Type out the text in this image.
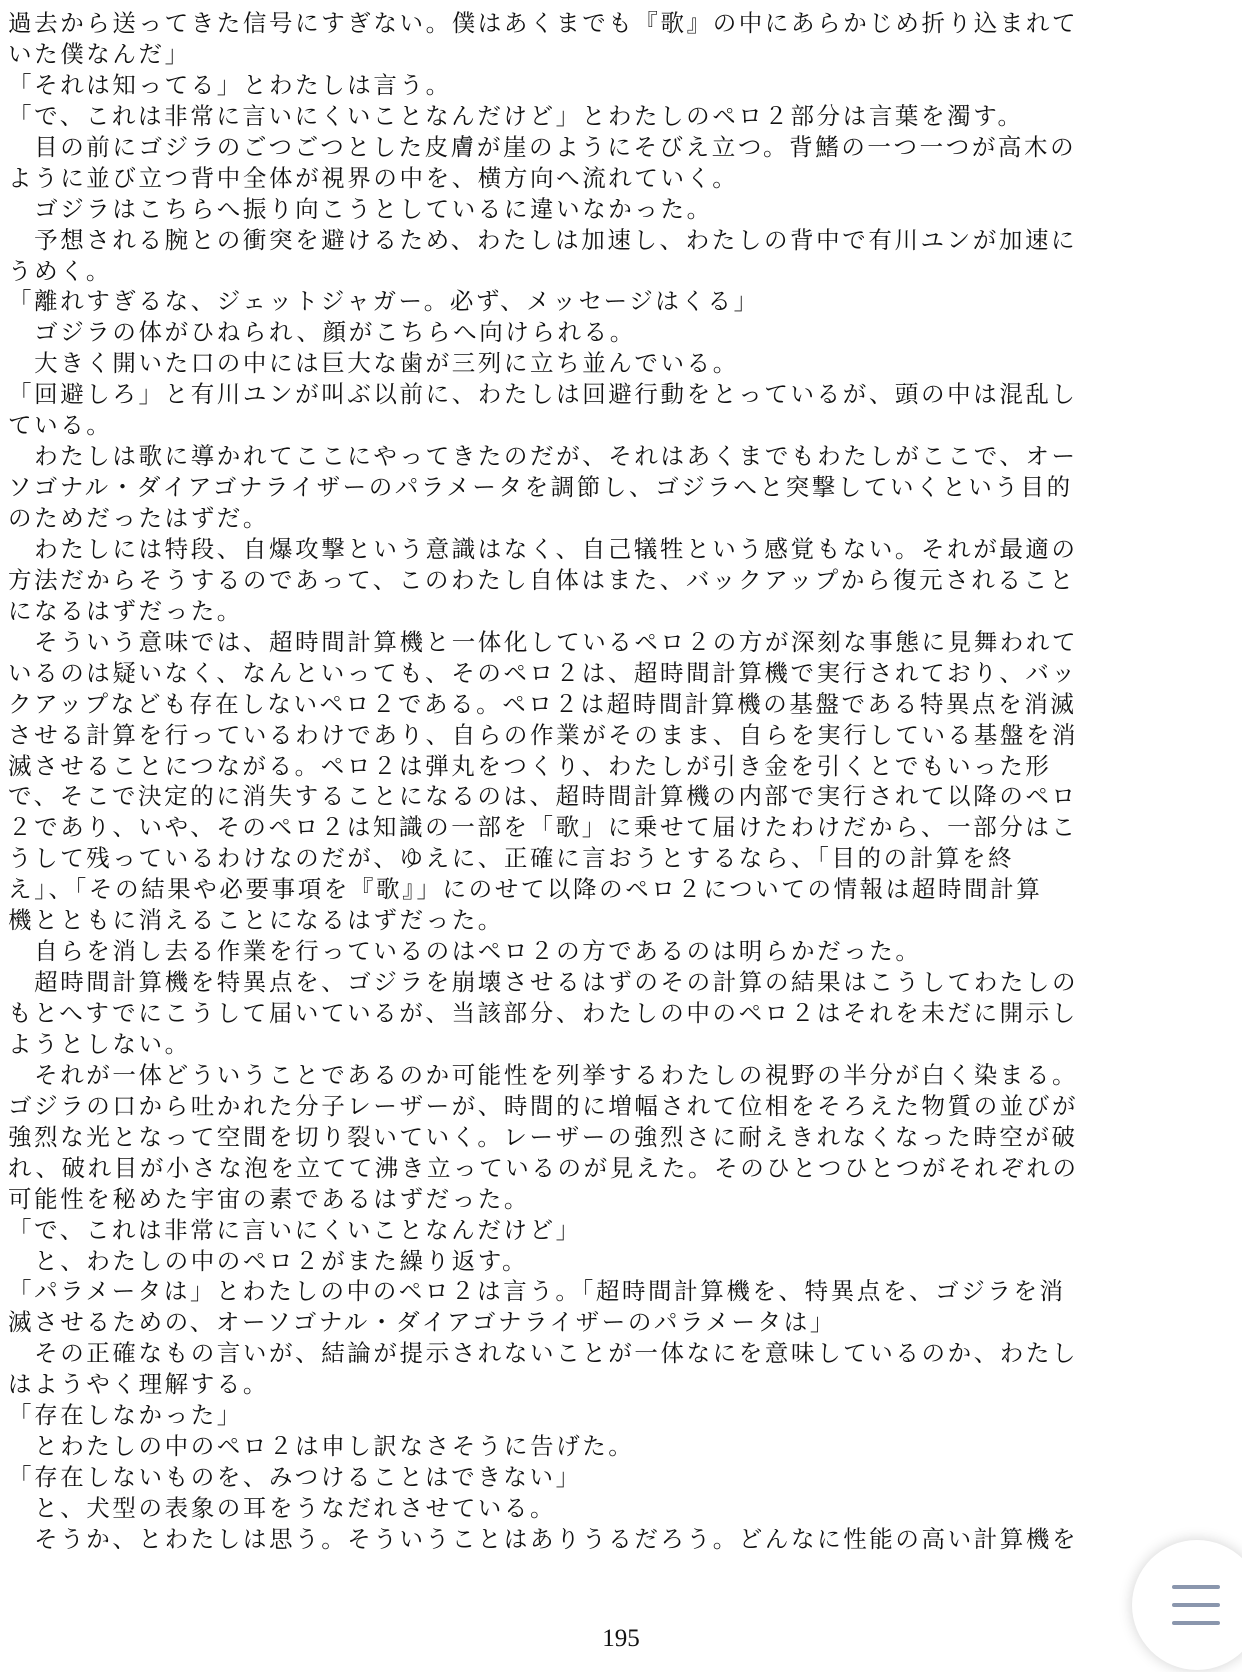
過去から送ってきた信号にすぎない。僕はあくまでも『歌』の中にあらかじめ折り込まれて
いた僕なんだ」
「それは知ってる」とわたしは言う。
「で、これは非常に言いにくいことなんだけど」とわたしのペロ２部分は言葉を濁す。
　目の前にゴジラのごつごつとした皮膚が崖のようにそびえ立つ。背鰭の一つ一つが高木の
ように並び立つ背中全体が視界の中を、横方向へ流れていく。
　ゴジラはこちらへ振り向こうとしているに違いなかった。
　予想される腕との衝突を避けるため、わたしは加速し、わたしの背中で有川ユンが加速に
うめく。
「離れすぎるな、ジェットジャガー。必ず、メッセージはくる」
　ゴジラの体がひねられ、顔がこちらへ向けられる。
　大きく開いた口の中には巨大な歯が三列に立ち並んでいる。
「回避しろ」と有川ユンが叫ぶ以前に、わたしは回避行動をとっているが、頭の中は混乱し
ている。
　わたしは歌に導かれてここにやってきたのだが、それはあくまでもわたしがここで、オー
ソゴナル・ダイアゴナライザーのパラメータを調節し、ゴジラへと突撃していくという目的
のためだったはずだ。
　わたしには特段、自爆攻撃という意識はなく、自己犠牲という感覚もない。それが最適の
方法だからそうするのであって、このわたし自体はまた、バックアップから復元されること
になるはずだった。
　そういう意味では、超時間計算機と一体化しているペロ２の方が深刻な事態に見舞われて
いるのは疑いなく、なんといっても、そのペロ２は、超時間計算機で実行されており、バッ
クアップなども存在しないペロ２である。ペロ２は超時間計算機の基盤である特異点を消滅
させる計算を行っているわけであり、自らの作業がそのまま、自らを実行している基盤を消
滅させることにつながる。ペロ２は弾丸をつくり、わたしが引き金を引くとでもいった形
で、そこで決定的に消失することになるのは、超時間計算機の内部で実行されて以降のペロ
２であり、いや、そのペロ２は知識の一部を「歌」に乗せて届けたわけだから、一部分はこ
うして残っているわけなのだが、ゆえに、正確に言おうとするなら、「目的の計算を終
え」、「その結果や必要事項を『歌』」にのせて以降のペロ２についての情報は超時間計算
機とともに消えることになるはずだった。
　自らを消し去る作業を行っているのはペロ２の方であるのは明らかだった。
　超時間計算機を特異点を、ゴジラを崩壊させるはずのその計算の結果はこうしてわたしの
もとへすでにこうして届いているが、当該部分、わたしの中のペロ２はそれを未だに開示し
ようとしない。
　それが一体どういうことであるのか可能性を列挙するわたしの視野の半分が白く染まる。
ゴジラの口から吐かれた分子レーザーが、時間的に増幅されて位相をそろえた物質の並びが
強烈な光となって空間を切り裂いていく。レーザーの強烈さに耐えきれなくなった時空が破
れ、破れ目が小さな泡を立てて沸き立っているのが見えた。そのひとつひとつがそれぞれの
可能性を秘めた宇宙の素であるはずだった。
「で、これは非常に言いにくいことなんだけど」
　と、わたしの中のペロ２がまた繰り返す。
「パラメータは」とわたしの中のペロ２は言う。「超時間計算機を、特異点を、ゴジラを消
滅させるための、オーソゴナル・ダイアゴナライザーのパラメータは」
　その正確なもの言いが、結論が提示されないことが一体なにを意味しているのか、わたし
はようやく理解する。
「存在しなかった」
　とわたしの中のペロ２は申し訳なさそうに告げた。
「存在しないものを、みつけることはできない」
　と、犬型の表象の耳をうなだれさせている。
　そうか、とわたしは思う。そういうことはありうるだろう。どんなに性能の高い計算機を
195
